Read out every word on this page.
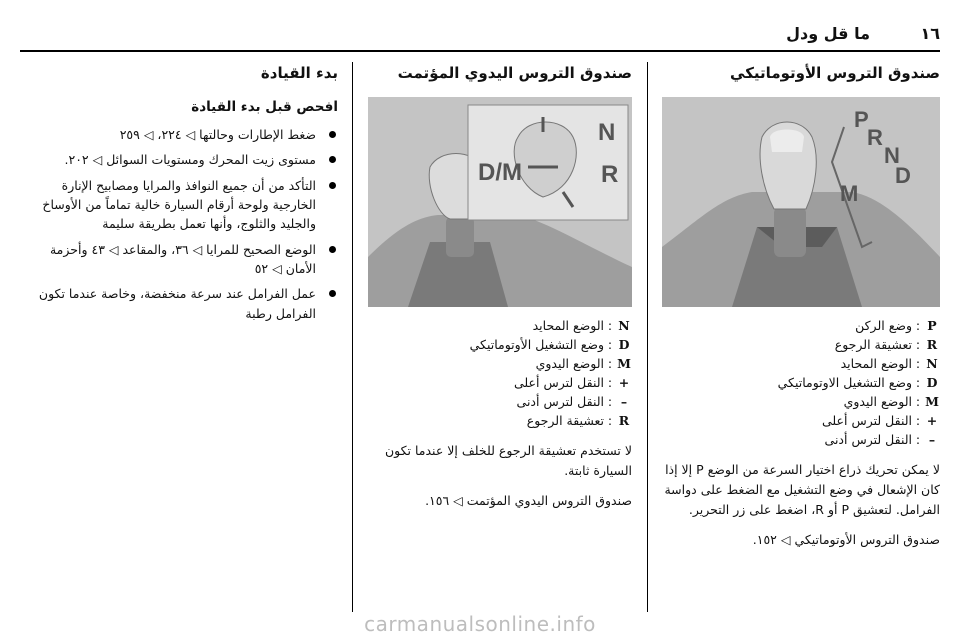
١٦
ما قل ودل
صندوق التروس الأوتوماتيكي
P
R
N
D
M
P
:
وضع الركن
R
:
تعشيقة الرجوع
N
:
الوضع المحايد
D
:
وضع التشغيل الاوتوماتيكي
M
:
الوضع اليدوي
+
:
النقل لترس أعلى
–
:
النقل لترس أدنى
لا يمكن تحريك ذراع اختيار السرعة من الوضع P إلا إذا كان الإشعال في وضع التشغيل مع الضغط على دواسة الفرامل. لتعشيق P أو R، اضغط على زر التحرير.
صندوق التروس الأوتوماتيكي ◁ ١٥٢.
صندوق التروس اليدوي المؤتمت
N
D/M	R
N
:
الوضع المحايد
D
:
وضع التشغيل الأوتوماتيكي
M
:
الوضع اليدوي
+
:
النقل لترس أعلى
–
:
النقل لترس أدنى
R
:
تعشيقة الرجوع
لا تستخدم تعشيقة الرجوع للخلف إلا عندما تكون السيارة ثابتة.
صندوق التروس اليدوي المؤتمت ◁ ١٥٦.
بدء القيادة
افحص قبل بدء القيادة
ضغط الإطارات وحالتها ◁ ٢٢٤، ◁ ٢٥٩
مستوى زيت المحرك ومستويات السوائل ◁ ٢٠٢.
التأكد من أن جميع النوافذ والمرايا ومصابيح الإنارة الخارجية ولوحة أرقام السيارة خالية تماماً من الأوساخ والجليد والثلوج، وأنها تعمل بطريقة سليمة
الوضع الصحيح للمرايا ◁ ٣٦، والمقاعد ◁ ٤٣ وأحزمة الأمان ◁ ٥٢
عمل الفرامل عند سرعة منخفضة، وخاصة عندما تكون الفرامل رطبة
carmanualsonline.info
